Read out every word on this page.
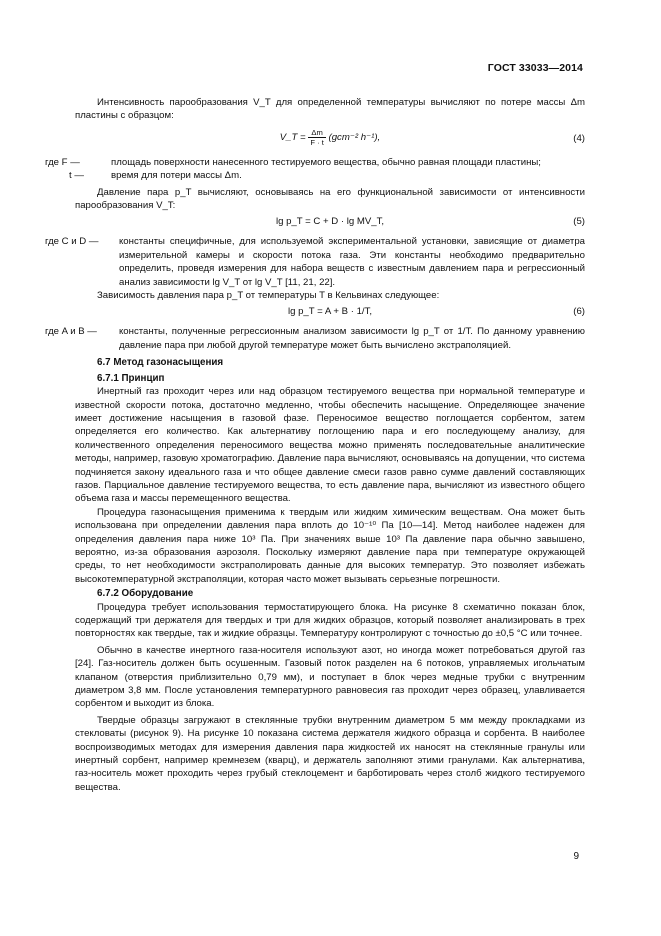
ГОСТ 33033—2014

Интенсивность парообразования V_T для определенной температуры вычисляют по потере массы Δm пластины с образцом:

V_T = $\frac{\Delta m}{F \cdot t} (gcm^{-2}$ h⁻¹),	(4)
где F —	площадь поверхности нанесенного тестируемого вещества, обычно равная площади пластины;
t —	время для потери массы Δm.

Давление пара p_T вычисляют, основываясь на его функциональной зависимости от интенсивности парообразования V_T:

lg p_T = C + D · lg MV_T,	(5)
где C и D — константы специфичные, для используемой экспериментальной установки, зависящие от диаметра измерительной камеры и скорости потока газа. Эти константы необходимо предварительно определить, проведя измерения для набора веществ с известным давлением пара и регрессионный анализ зависимости lg V_T от lg V_T [11, 21, 22].

Зависимость давления пара p_T от температуры T в Кельвинах следующее:

lg p_T = A + B · 1/T,	(6)
где A и B — константы, полученные регрессионным анализом зависимости lg p_T от 1/T. По данному уравнению давление пара при любой другой температуре может быть вычислено экстраполяцией.
6.7 Метод газонасыщения
6.7.1 Принцип

Инертный газ проходит через или над образцом тестируемого вещества при нормальной температуре и известной скорости потока, достаточно медленно, чтобы обеспечить насыщение. Определяющее значение имеет достижение насыщения в газовой фазе. Переносимое вещество поглощается сорбентом, затем определяется его количество. Как альтернативу поглощению пара и его последующему анализу, для количественного определения переносимого вещества можно применять последовательные аналитические методы, например, газовую хроматографию. Давление пара вычисляют, основываясь на допущении, что система подчиняется закону идеального газа и что общее давление смеси газов равно сумме давлений составляющих газов. Парциальное давление тестируемого вещества, то есть давление пара, вычисляют из известного общего объема газа и массы перемещенного вещества.

Процедура газонасыщения применима к твердым или жидким химическим веществам. Она может быть использована при определении давления пара вплоть до 10⁻¹⁰ Па [10—14]. Метод наиболее надежен для определения давления пара ниже 10³ Па. При значениях выше 10³ Па давление пара обычно завышено, вероятно, из-за образования аэрозоля. Поскольку измеряют давление пара при температуре окружающей среды, то нет необходимости экстраполировать данные для высоких температур. Это позволяет избежать высокотемпературной экстраполяции, которая часто может вызывать серьезные погрешности.

6.7.2 Оборудование

Процедура требует использования термостатирующего блока. На рисунке 8 схематично показан блок, содержащий три держателя для твердых и три для жидких образцов, который позволяет анализировать в трех повторностях как твердые, так и жидкие образцы. Температуру контролируют с точностью до ±0,5 °С или точнее.

Обычно в качестве инертного газа-носителя используют азот, но иногда может потребоваться другой газ [24]. Газ-носитель должен быть осушенным. Газовый поток разделен на 6 потоков, управляемых игольчатым клапаном (отверстия приблизительно 0,79 мм), и поступает в блок через медные трубки с внутренним диаметром 3,8 мм. После установления температурного равновесия газ проходит через образец, улавливается сорбентом и выходит из блока.

Твердые образцы загружают в стеклянные трубки внутренним диаметром 5 мм между прокладками из стекловаты (рисунок 9). На рисунке 10 показана система держателя жидкого образца и сорбента. В наиболее воспроизводимых методах для измерения давления пара жидкостей их наносят на стеклянные гранулы или инертный сорбент, например кремнезем (кварц), и держатель заполняют этими гранулами. Как альтернатива, газ-носитель может проходить через грубый стеклоцемент и барботировать через столб жидкого тестируемого вещества.

9
